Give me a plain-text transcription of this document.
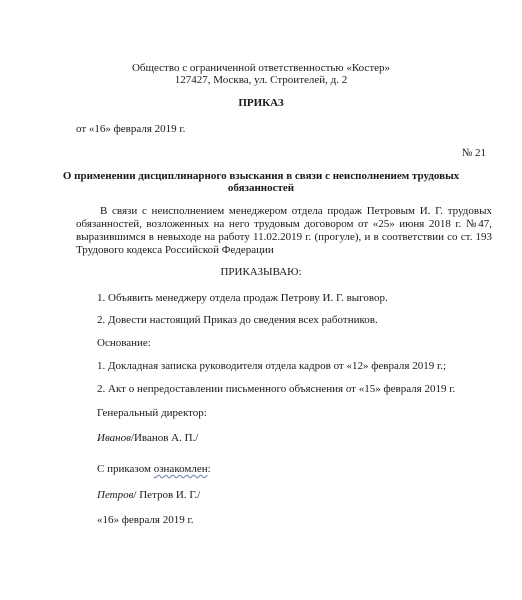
Общество с ограниченной ответственностью «Костер»
127427, Москва, ул. Строителей, д. 2
ПРИКАЗ
от «16» февраля 2019 г.
№ 21
О применении дисциплинарного взыскания в связи с неисполнением трудовых
обязанностей
В связи с неисполнением менеджером отдела продаж Петровым И. Г. трудовых обязанностей, возложенных на него трудовым договором от «25» июня 2018 г. №47, выразившимся в невыходе на работу 11.02.2019 г. (прогуле), и в соответствии со ст. 193 Трудового кодекса Российской Федерации
ПРИКАЗЫВАЮ:
1. Объявить менеджеру отдела продаж Петрову И. Г. выговор.
2. Довести настоящий Приказ до сведения всех работников.
Основание:
1. Докладная записка руководителя отдела кадров от «12» февраля 2019 г.;
2. Акт о непредоставлении письменного объяснения от «15» февраля 2019 г.
Генеральный директор:
Иванов/Иванов А. П./
С приказом ознакомлен:
Петров/ Петров И. Г./
«16» февраля 2019 г.
